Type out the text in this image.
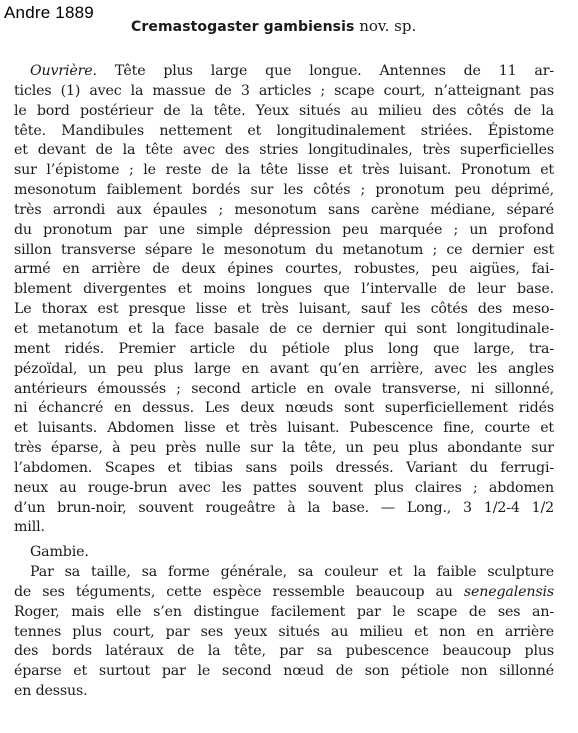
Andre 1889
Cremastogaster gambiensis nov. sp.
Ouvrière. Tête plus large que longue. Antennes de 11 ar-
ticles (1) avec la massue de 3 articles ; scape court, n’atteignant pas
le bord postérieur de la tête. Yeux situés au milieu des côtés de la
tête. Mandibules nettement et longitudinalement striées. Épistome
et devant de la tête avec des stries longitudinales, très superficielles
sur l’épistome ; le reste de la tête lisse et très luisant. Pronotum et
mesonotum faiblement bordés sur les côtés ; pronotum peu déprimé,
très arrondi aux épaules ; mesonotum sans carène médiane, séparé
du pronotum par une simple dépression peu marquée ; un profond
sillon transverse sépare le mesonotum du metanotum ; ce dernier est
armé en arrière de deux épines courtes, robustes, peu aigües, fai-
blement divergentes et moins longues que l’intervalle de leur base.
Le thorax est presque lisse et très luisant, sauf les côtés des meso-
et metanotum et la face basale de ce dernier qui sont longitudinale-
ment ridés. Premier article du pétiole plus long que large, tra-
pézoïdal, un peu plus large en avant qu’en arrière, avec les angles
antérieurs émoussés ; second article en ovale transverse, ni sillonné,
ni échancré en dessus. Les deux nœuds sont superficiellement ridés
et luisants. Abdomen lisse et très luisant. Pubescence fine, courte et
très éparse, à peu près nulle sur la tête, un peu plus abondante sur
l’abdomen. Scapes et tibias sans poils dressés. Variant du ferrugi-
neux au rouge-brun avec les pattes souvent plus claires ; abdomen
d’un brun-noir, souvent rougeâtre à la base. — Long., 3 1/2-4 1/2
mill.
Gambie.
Par sa taille, sa forme générale, sa couleur et la faible sculpture
de ses téguments, cette espèce ressemble beaucoup au senegalensis
Roger, mais elle s’en distingue facilement par le scape de ses an-
tennes plus court, par ses yeux situés au milieu et non en arrière
des bords latéraux de la tête, par sa pubescence beaucoup plus
éparse et surtout par le second nœud de son pétiole non sillonné
en dessus.
